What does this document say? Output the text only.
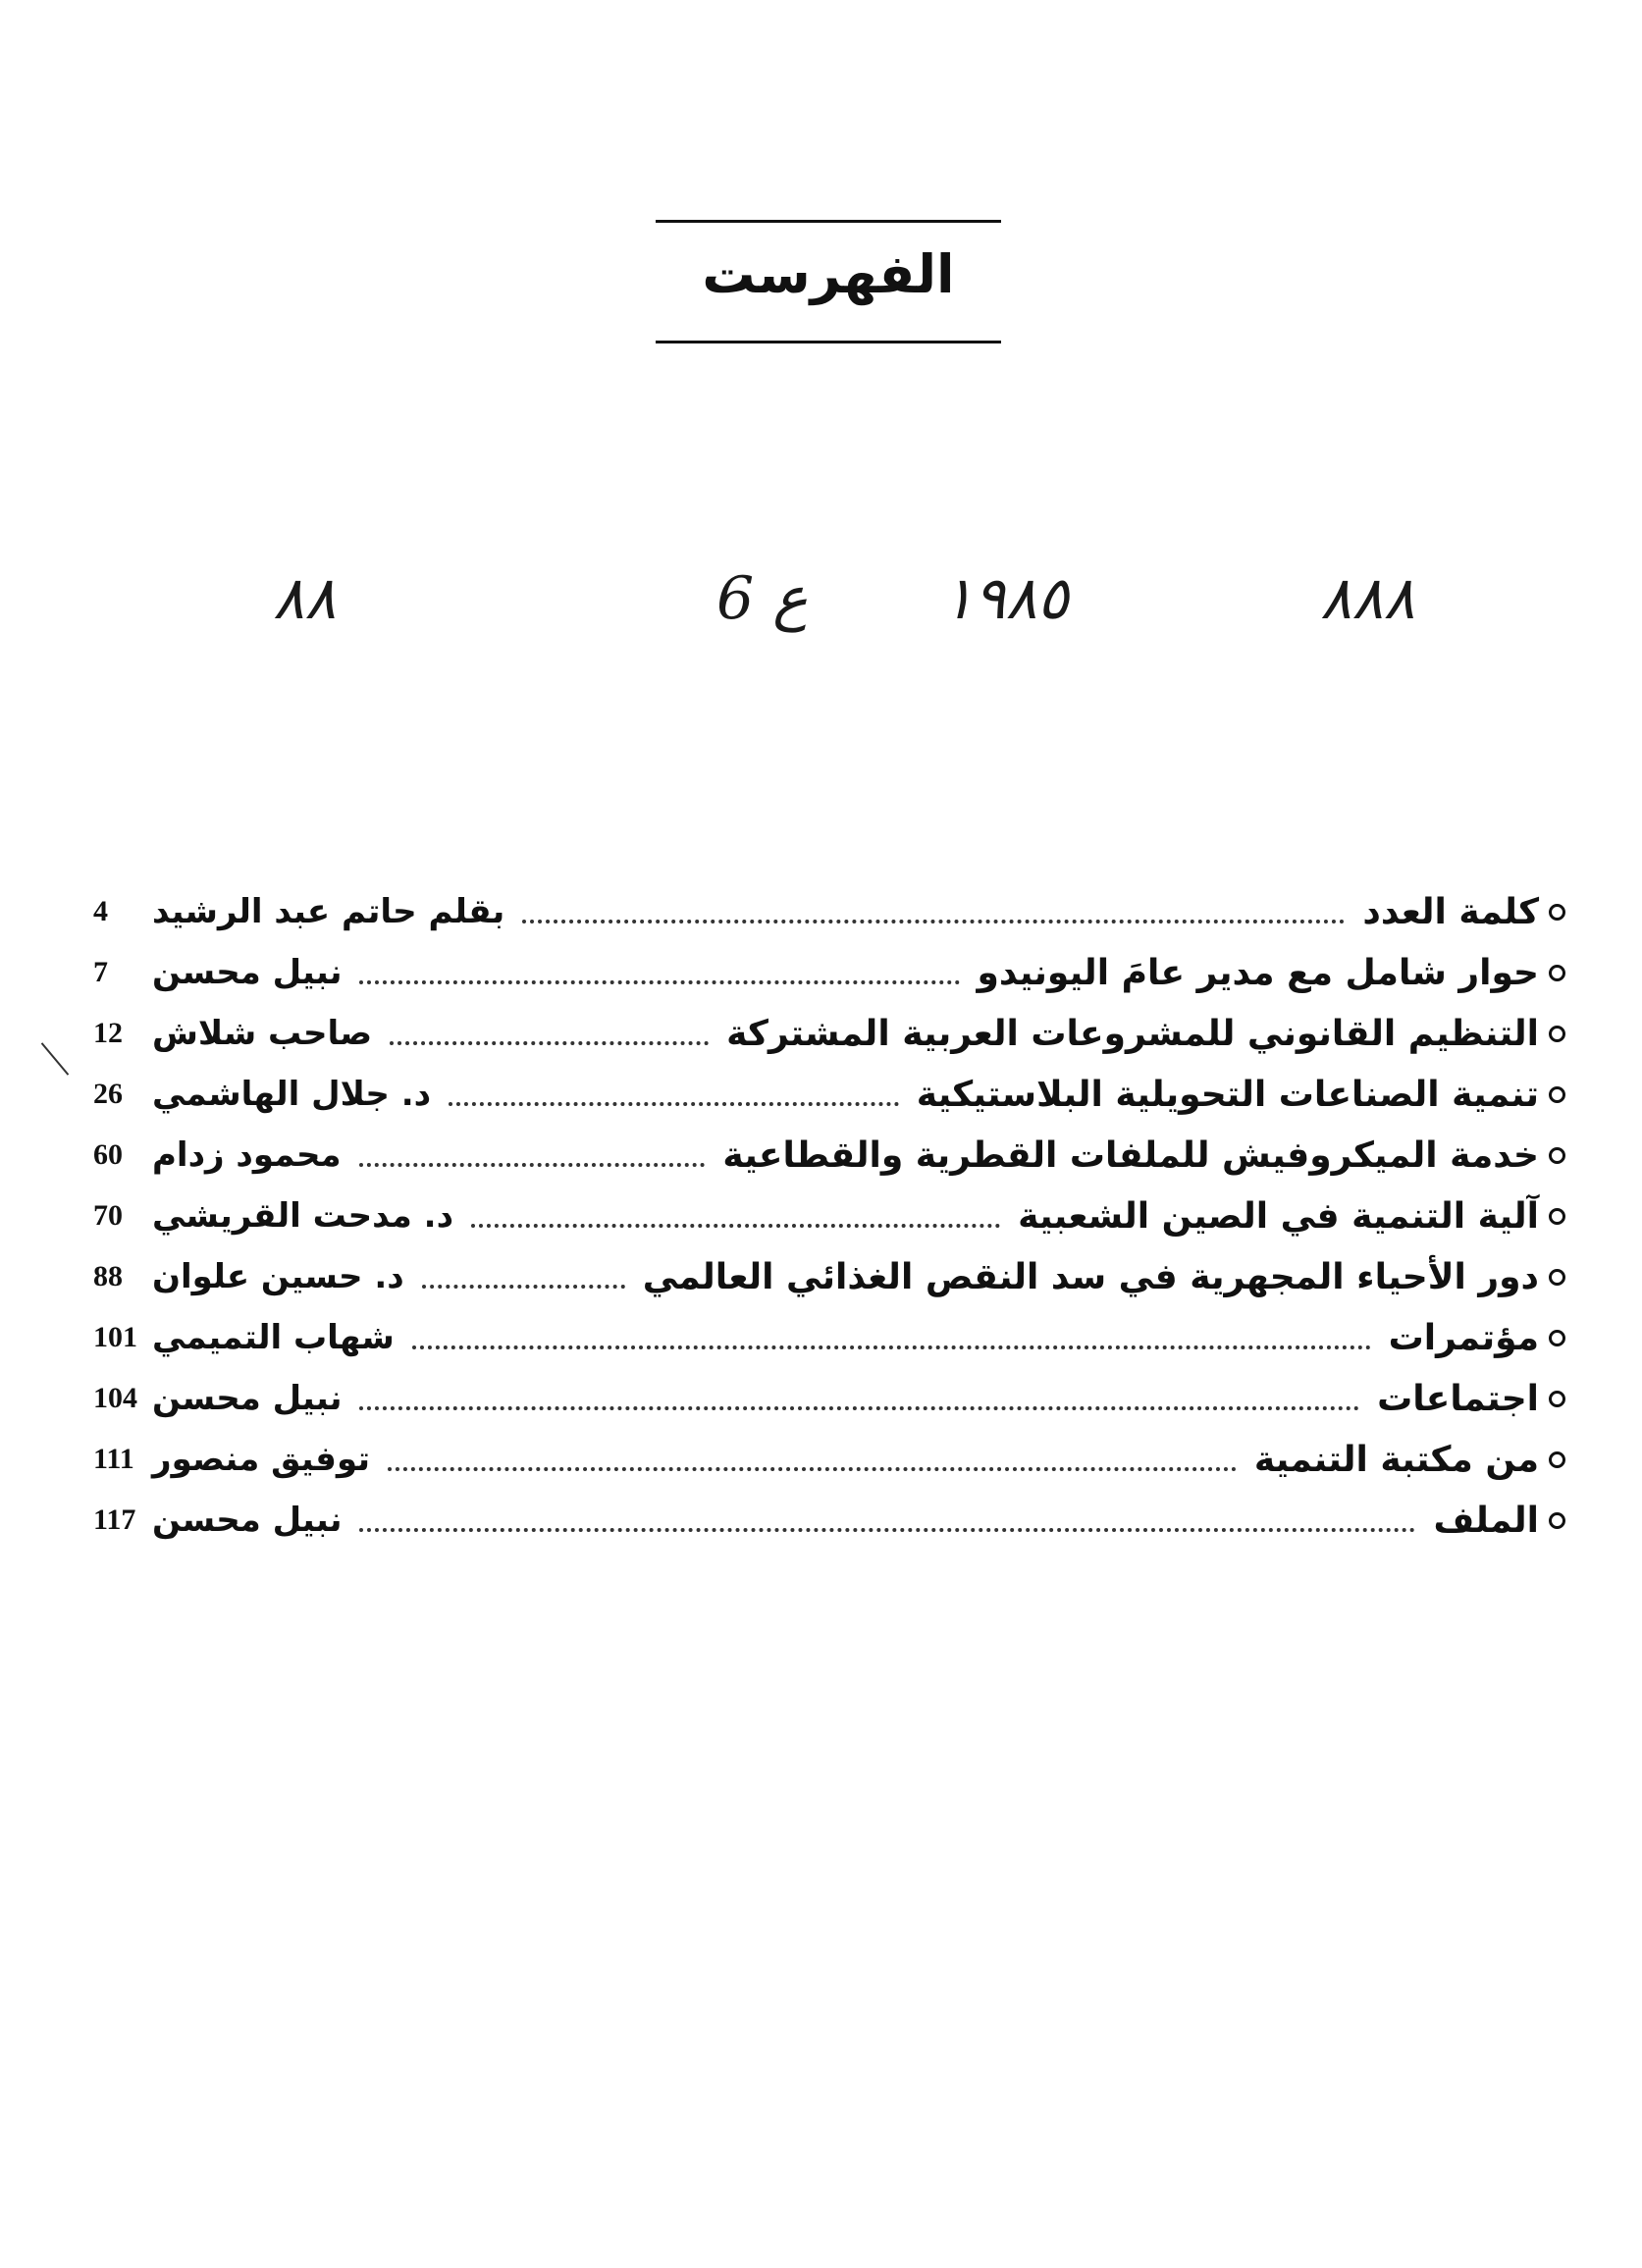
الفهرست
٨٨٨
١٩٨٥
ع 6
٨٨
كلمة العدد
بقلم حاتم عبد الرشيد
4
حوار شامل مع مدير عامَ اليونيدو
نبيل محسن
7
التنظيم القانوني للمشروعات العربية المشتركة
صاحب شلاش
12
تنمية الصناعات التحويلية البلاستيكية
د. جلال الهاشمي
26
خدمة الميكروفيش للملفات القطرية والقطاعية
محمود زدام
60
آلية التنمية في الصين الشعبية
د. مدحت القريشي
70
دور الأحياء المجهرية في سد النقص الغذائي العالمي
د. حسين علوان
88
مؤتمرات
شهاب التميمي
101
اجتماعات
نبيل محسن
104
من مكتبة التنمية
توفيق منصور
111
الملف
نبيل محسن
117
